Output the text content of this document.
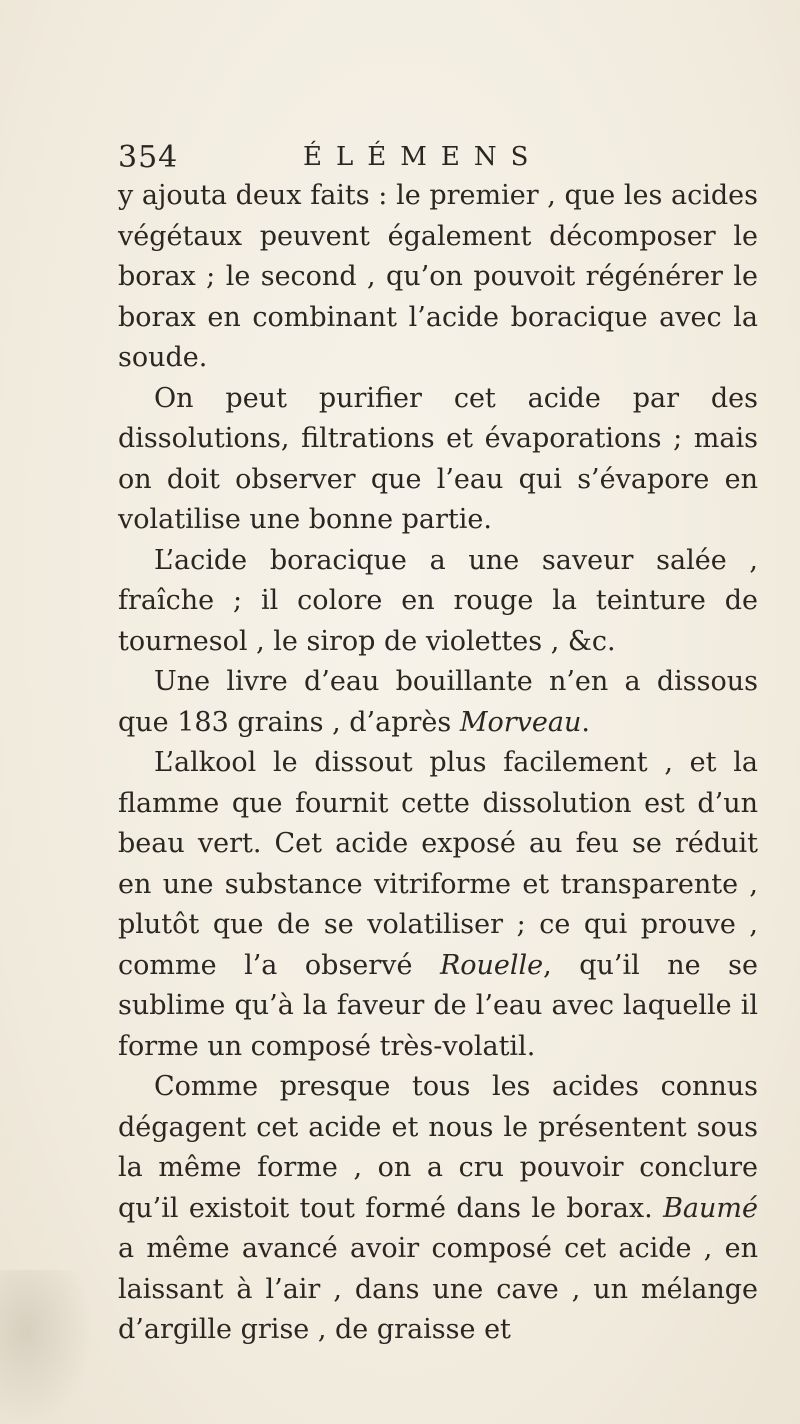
354	ÉLÉMENS

y ajouta deux faits : le premier , que les acides végétaux peuvent également décomposer le borax ; le second , qu’on pouvoit régénérer le borax en combinant l’acide boracique avec la soude.

On peut purifier cet acide par des dissolutions, filtrations et évaporations ; mais on doit observer que l’eau qui s’évapore en volatilise une bonne partie.

L’acide boracique a une saveur salée , fraîche ; il colore en rouge la teinture de tournesol , le sirop de violettes , &c.

Une livre d’eau bouillante n’en a dissous que 183 grains , d’après Morveau.

L’alkool le dissout plus facilement , et la flamme que fournit cette dissolution est d’un beau vert. Cet acide exposé au feu se réduit en une substance vitriforme et transparente , plutôt que de se volatiliser ; ce qui prouve , comme l’a observé Rouelle, qu’il ne se sublime qu’à la faveur de l’eau avec laquelle il forme un composé très-volatil.

Comme presque tous les acides connus dégagent cet acide et nous le présentent sous la même forme , on a cru pouvoir conclure qu’il existoit tout formé dans le borax. Baumé a même avancé avoir composé cet acide , en laissant à l’air , dans une cave , un mélange d’argille grise , de graisse et
